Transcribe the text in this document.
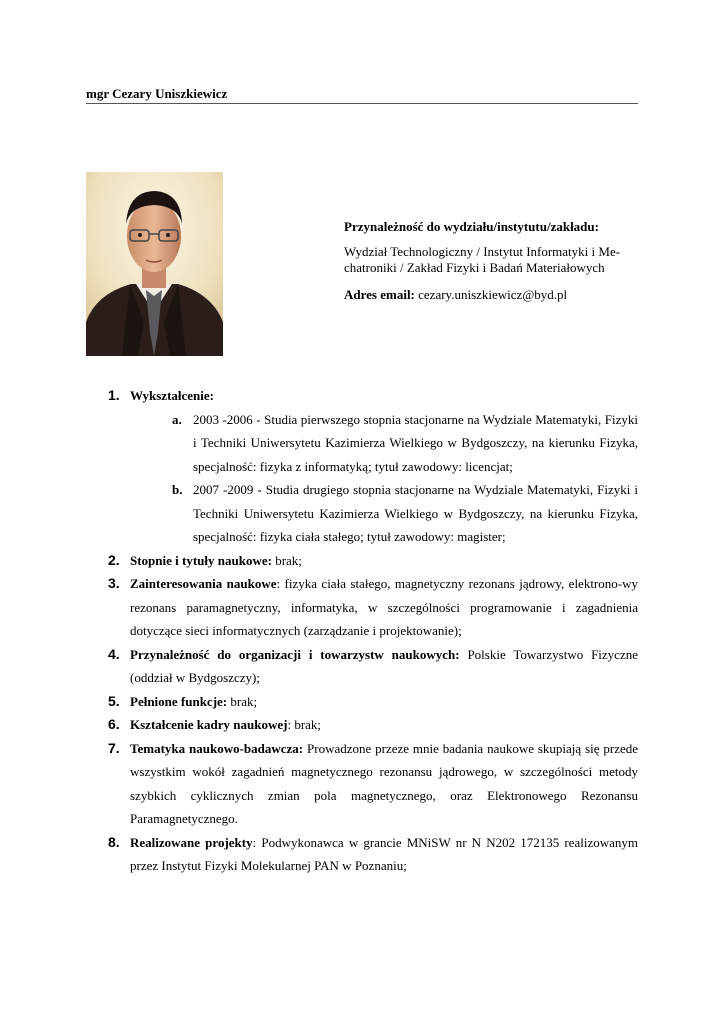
mgr Cezary Uniszkiewicz
Przynależność do wydziału/instytutu/zakładu:
Wydział Technologiczny / Instytut Informatyki i Me-
chatroniki / Zakład Fizyki i Badań Materiałowych
Adres email: cezary.uniszkiewicz@byd.pl
1. Wykształcenie:
a. 2003 -2006 - Studia pierwszego stopnia stacjonarne na Wydziale Matematyki, Fizyki i Techniki Uniwersytetu Kazimierza Wielkiego w Bydgoszczy, na kierunku Fizyka, specjalność: fizyka z informatyką; tytuł zawodowy: licencjat;
b. 2007 -2009 - Studia drugiego stopnia stacjonarne na Wydziale Matematyki, Fizyki i Techniki Uniwersytetu Kazimierza Wielkiego w Bydgoszczy, na kierunku Fizyka, specjalność: fizyka ciała stałego; tytuł zawodowy: magister;
2. Stopnie i tytuły naukowe: brak;
3. Zainteresowania naukowe: fizyka ciała stałego, magnetyczny rezonans jądrowy, elektrono-wy rezonans paramagnetyczny, informatyka, w szczególności programowanie i zagadnienia dotyczące sieci informatycznych (zarządzanie i projektowanie);
4. Przynależność do organizacji i towarzystw naukowych: Polskie Towarzystwo Fizyczne (oddział w Bydgoszczy);
5. Pełnione funkcje: brak;
6. Kształcenie kadry naukowej: brak;
7. Tematyka naukowo-badawcza: Prowadzone przeze mnie badania naukowe skupiają się przede wszystkim wokół zagadnień magnetycznego rezonansu jądrowego, w szczególności metody szybkich cyklicznych zmian pola magnetycznego, oraz Elektronowego Rezonansu Paramagnetycznego.
8. Realizowane projekty: Podwykonawca w grancie MNiSW nr N N202 172135 realizowanym przez Instytut Fizyki Molekularnej PAN w Poznaniu;
